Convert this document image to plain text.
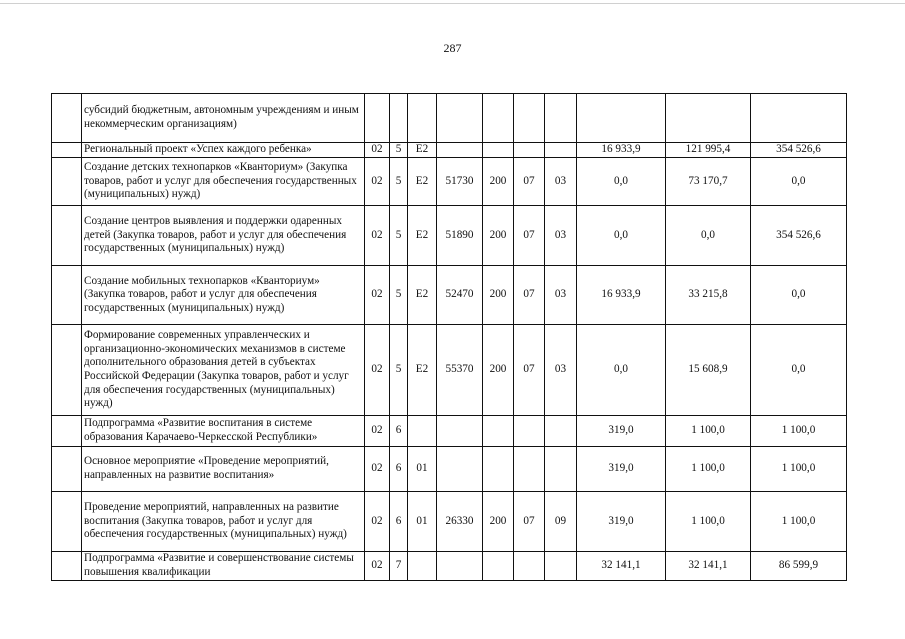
287
	субсидий бюджетным, автономным учреждениям и иным некоммерческим организациям)										
	Региональный проект «Успех каждого ребенка»	02	5	Е2					16 933,9	121 995,4	354 526,6
	Создание детских технопарков «Кванториум» (Закупка товаров, работ и услуг для обеспечения государственных (муниципальных) нужд)	02	5	Е2	51730	200	07	03	0,0	73 170,7	0,0
	Создание центров выявления и поддержки одаренных детей (Закупка товаров, работ и услуг для обеспечения государственных (муниципальных) нужд)	02	5	Е2	51890	200	07	03	0,0	0,0	354 526,6
	Создание мобильных технопарков «Кванториум» (Закупка товаров, работ и услуг для обеспечения государственных (муниципальных) нужд)	02	5	Е2	52470	200	07	03	16 933,9	33 215,8	0,0
	Формирование современных управленческих и организационно-экономических механизмов в системе дополнительного образования детей в субъектах Российской Федерации (Закупка товаров, работ и услуг для обеспечения государственных (муниципальных) нужд)	02	5	Е2	55370	200	07	03	0,0	15 608,9	0,0
	Подпрограмма «Развитие воспитания в системе образования Карачаево-Черкесской Республики»	02	6						319,0	1 100,0	1 100,0
	Основное мероприятие «Проведение мероприятий, направленных на развитие воспитания»	02	6	01					319,0	1 100,0	1 100,0
	Проведение мероприятий, направленных на развитие воспитания (Закупка товаров, работ и услуг для обеспечения государственных (муниципальных) нужд)	02	6	01	26330	200	07	09	319,0	1 100,0	1 100,0
	Подпрограмма «Развитие и совершенствование системы повышения квалификации	02	7						32 141,1	32 141,1	86 599,9
